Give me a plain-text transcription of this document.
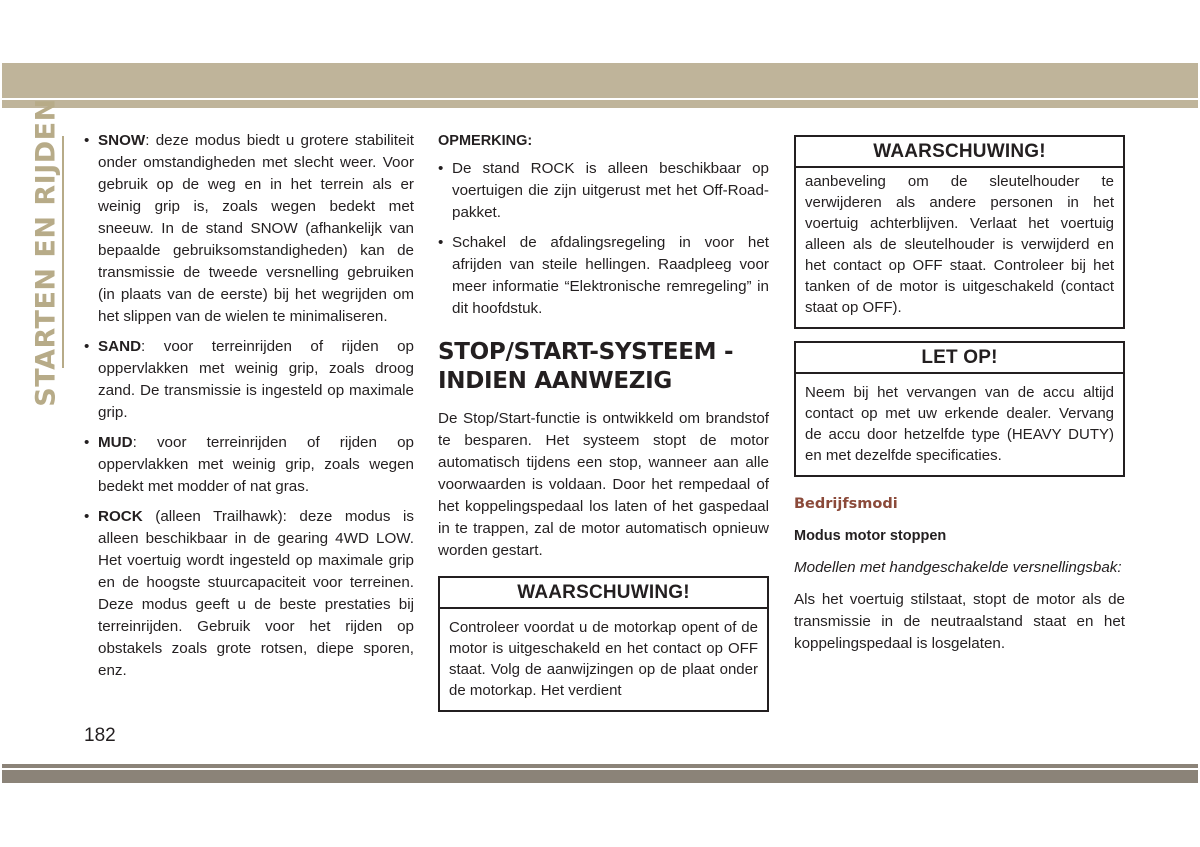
STARTEN EN RIJDEN • SNOW: deze modus biedt u grotere stabiliteit onder omstandigheden met slecht weer. Voor gebruik op de weg en in het terrein als er weinig grip is, zoals wegen bedekt met sneeuw. In de stand SNOW (afhankelijk van bepaalde gebruiksomstandigheden) kan de transmissie de tweede versnelling gebruiken (in plaats van de eerste) bij het wegrijden om het slippen van de wielen te minimaliseren.
• SAND: voor terreinrijden of rijden op oppervlakken met weinig grip, zoals droog zand. De transmissie is ingesteld op maximale grip.
• MUD: voor terreinrijden of rijden op oppervlakken met weinig grip, zoals wegen bedekt met modder of nat gras.
• ROCK (alleen Trailhawk): deze modus is alleen beschikbaar in de gearing 4WD LOW. Het voertuig wordt ingesteld op maximale grip en de hoogste stuurcapaciteit voor terreinen. Deze modus geeft u de beste prestaties bij terreinrijden. Gebruik voor het rijden op obstakels zoals grote rotsen, diepe sporen, enz.
OPMERKING:
• De stand ROCK is alleen beschikbaar op voertuigen die zijn uitgerust met het Off-Road-pakket.
• Schakel de afdalingsregeling in voor het afrijden van steile hellingen. Raadpleeg voor meer informatie “Elektronische remregeling” in dit hoofdstuk.
STOP/START-SYSTEEM - INDIEN AANWEZIG
De Stop/Start-functie is ontwikkeld om brandstof te besparen. Het systeem stopt de motor automatisch tijdens een stop, wanneer aan alle voorwaarden is voldaan. Door het rempedaal of het koppelingspedaal los laten of het gaspedaal in te trappen, zal de motor automatisch opnieuw worden gestart.
WAARSCHUWING!
Controleer voordat u de motorkap opent of de motor is uitgeschakeld en het contact op OFF staat. Volg de aanwijzingen op de plaat onder de motorkap. Het verdient
WAARSCHUWING!
aanbeveling om de sleutelhouder te verwijderen als andere personen in het voertuig achterblijven. Verlaat het voertuig alleen als de sleutelhouder is verwijderd en het contact op OFF staat. Controleer bij het tanken of de motor is uitgeschakeld (contact staat op OFF).
LET OP!
Neem bij het vervangen van de accu altijd contact op met uw erkende dealer. Vervang de accu door hetzelfde type (HEAVY DUTY) en met dezelfde specificaties.
Bedrijfsmodi
Modus motor stoppen
Modellen met handgeschakelde versnellingsbak:
Als het voertuig stilstaat, stopt de motor als de transmissie in de neutraalstand staat en het koppelingspedaal is losgelaten.
182
